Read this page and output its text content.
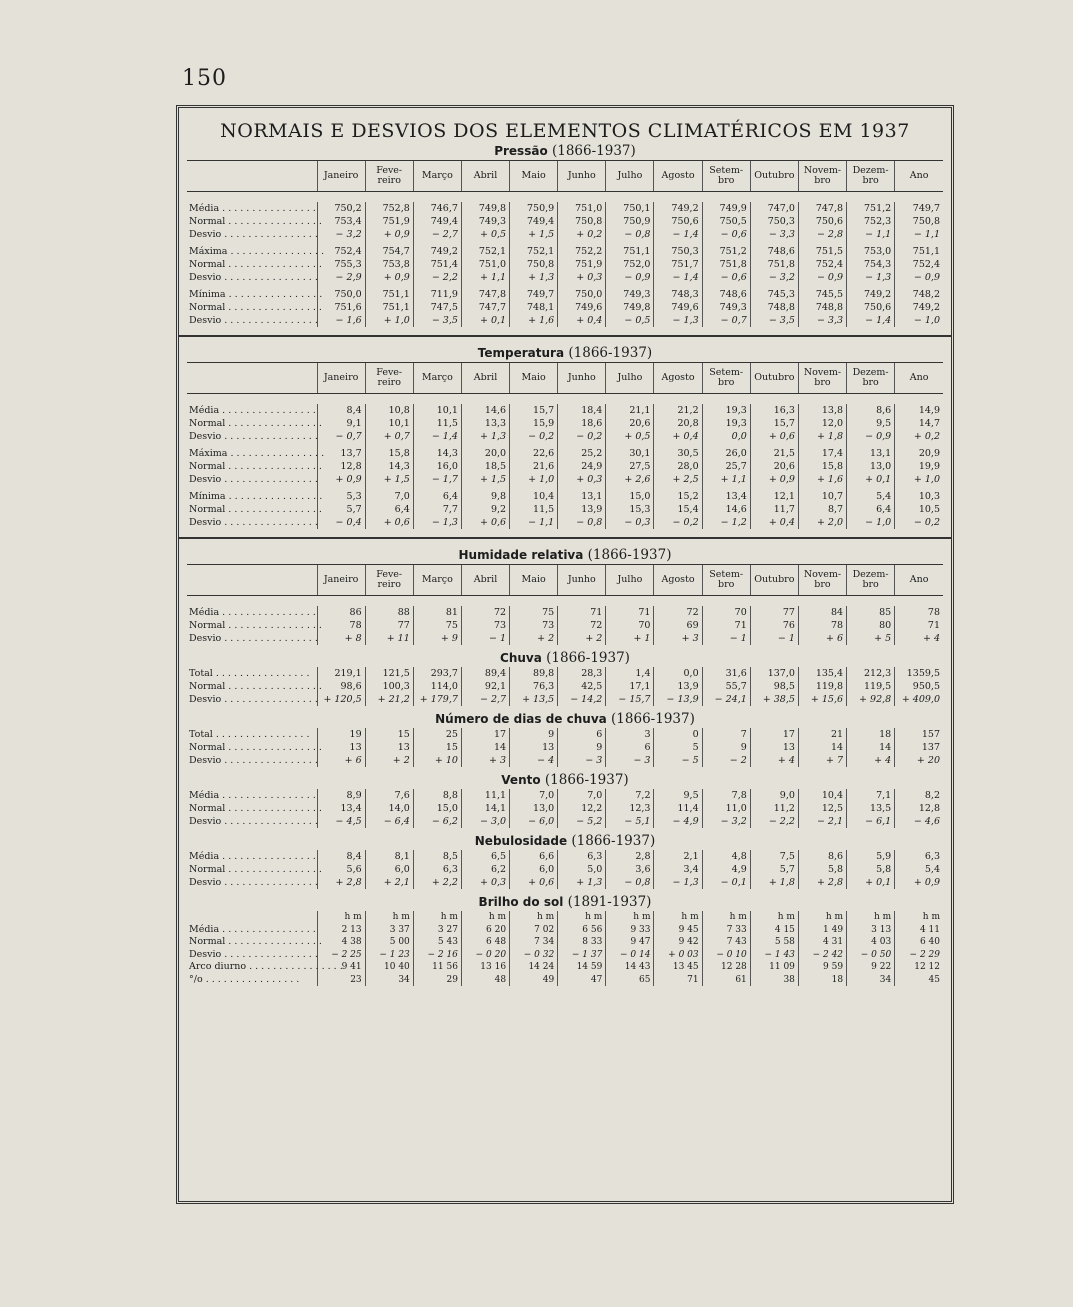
150
NORMAIS E DESVIOS DOS ELEMENTOS CLIMATÉRICOS EM 1937
Pressão (1866-1937)
	Janeiro	Feve-
reiro	Março	Abril	Maio	Junho	Julho	Agosto	Setem-
bro	Outubro	Novem-
bro	Dezem-
bro	Ano

Média . . . . . . . . . . . . . . . .	750,2	752,8	746,7	749,8	750,9	751,0	750,1	749,2	749,9	747,0	747,8	751,2	749,7
Normal . . . . . . . . . . . . . . . .	753,4	751,9	749,4	749,3	749,4	750,8	750,9	750,6	750,5	750,3	750,6	752,3	750,8
Desvio . . . . . . . . . . . . . . . .	− 3,2	+ 0,9	− 2,7	+ 0,5	+ 1,5	+ 0,2	− 0,8	− 1,4	− 0,6	− 3,3	− 2,8	− 1,1	− 1,1

Máxima . . . . . . . . . . . . . . . .	752,4	754,7	749,2	752,1	752,1	752,2	751,1	750,3	751,2	748,6	751,5	753,0	751,1
Normal . . . . . . . . . . . . . . . .	755,3	753,8	751,4	751,0	750,8	751,9	752,0	751,7	751,8	751,8	752,4	754,3	752,4
Desvio . . . . . . . . . . . . . . . .	− 2,9	+ 0,9	− 2,2	+ 1,1	+ 1,3	+ 0,3	− 0,9	− 1,4	− 0,6	− 3,2	− 0,9	− 1,3	− 0,9

Mínima . . . . . . . . . . . . . . . .	750,0	751,1	711,9	747,8	749,7	750,0	749,3	748,3	748,6	745,3	745,5	749,2	748,2
Normal . . . . . . . . . . . . . . . .	751,6	751,1	747,5	747,7	748,1	749,6	749,8	749,6	749,3	748,8	748,8	750,6	749,2
Desvio . . . . . . . . . . . . . . . .	− 1,6	+ 1,0	− 3,5	+ 0,1	+ 1,6	+ 0,4	− 0,5	− 1,3	− 0,7	− 3,5	− 3,3	− 1,4	− 1,0
Temperatura (1866-1937)
	Janeiro	Feve-
reiro	Março	Abril	Maio	Junho	Julho	Agosto	Setem-
bro	Outubro	Novem-
bro	Dezem-
bro	Ano

Média . . . . . . . . . . . . . . . .	8,4	10,8	10,1	14,6	15,7	18,4	21,1	21,2	19,3	16,3	13,8	8,6	14,9
Normal . . . . . . . . . . . . . . . .	9,1	10,1	11,5	13,3	15,9	18,6	20,6	20,8	19,3	15,7	12,0	9,5	14,7
Desvio . . . . . . . . . . . . . . . .	− 0,7	+ 0,7	− 1,4	+ 1,3	− 0,2	− 0,2	+ 0,5	+ 0,4	0,0	+ 0,6	+ 1,8	− 0,9	+ 0,2

Máxima . . . . . . . . . . . . . . . .	13,7	15,8	14,3	20,0	22,6	25,2	30,1	30,5	26,0	21,5	17,4	13,1	20,9
Normal . . . . . . . . . . . . . . . .	12,8	14,3	16,0	18,5	21,6	24,9	27,5	28,0	25,7	20,6	15,8	13,0	19,9
Desvio . . . . . . . . . . . . . . . .	+ 0,9	+ 1,5	− 1,7	+ 1,5	+ 1,0	+ 0,3	+ 2,6	+ 2,5	+ 1,1	+ 0,9	+ 1,6	+ 0,1	+ 1,0

Mínima . . . . . . . . . . . . . . . .	5,3	7,0	6,4	9,8	10,4	13,1	15,0	15,2	13,4	12,1	10,7	5,4	10,3
Normal . . . . . . . . . . . . . . . .	5,7	6,4	7,7	9,2	11,5	13,9	15,3	15,4	14,6	11,7	8,7	6,4	10,5
Desvio . . . . . . . . . . . . . . . .	− 0,4	+ 0,6	− 1,3	+ 0,6	− 1,1	− 0,8	− 0,3	− 0,2	− 1,2	+ 0,4	+ 2,0	− 1,0	− 0,2
Humidade relativa (1866-1937)
	Janeiro	Feve-
reiro	Março	Abril	Maio	Junho	Julho	Agosto	Setem-
bro	Outubro	Novem-
bro	Dezem-
bro	Ano

Média . . . . . . . . . . . . . . . .	86	88	81	72	75	71	71	72	70	77	84	85	78
Normal . . . . . . . . . . . . . . . .	78	77	75	73	73	72	70	69	71	76	78	80	71
Desvio . . . . . . . . . . . . . . . .	+ 8	+ 11	+ 9	− 1	+ 2	+ 2	+ 1	+ 3	− 1	− 1	+ 6	+ 5	+ 4
Chuva (1866-1937)
Total . . . . . . . . . . . . . . . .	219,1	121,5	293,7	89,4	89,8	28,3	1,4	0,0	31,6	137,0	135,4	212,3	1359,5
Normal . . . . . . . . . . . . . . . .	98,6	100,3	114,0	92,1	76,3	42,5	17,1	13,9	55,7	98,5	119,8	119,5	950,5
Desvio . . . . . . . . . . . . . . . .	+ 120,5	+ 21,2	+ 179,7	− 2,7	+ 13,5	− 14,2	− 15,7	− 13,9	− 24,1	+ 38,5	+ 15,6	+ 92,8	+ 409,0
Número de dias de chuva (1866-1937)
Total . . . . . . . . . . . . . . . .	19	15	25	17	9	6	3	0	7	17	21	18	157
Normal . . . . . . . . . . . . . . . .	13	13	15	14	13	9	6	5	9	13	14	14	137
Desvio . . . . . . . . . . . . . . . .	+ 6	+ 2	+ 10	+ 3	− 4	− 3	− 3	− 5	− 2	+ 4	+ 7	+ 4	+ 20
Vento (1866-1937)
Média . . . . . . . . . . . . . . . .	8,9	7,6	8,8	11,1	7,0	7,0	7,2	9,5	7,8	9,0	10,4	7,1	8,2
Normal . . . . . . . . . . . . . . . .	13,4	14,0	15,0	14,1	13,0	12,2	12,3	11,4	11,0	11,2	12,5	13,5	12,8
Desvio . . . . . . . . . . . . . . . .	− 4,5	− 6,4	− 6,2	− 3,0	− 6,0	− 5,2	− 5,1	− 4,9	− 3,2	− 2,2	− 2,1	− 6,1	− 4,6
Nebulosidade (1866-1937)
Média . . . . . . . . . . . . . . . .	8,4	8,1	8,5	6,5	6,6	6,3	2,8	2,1	4,8	7,5	8,6	5,9	6,3
Normal . . . . . . . . . . . . . . . .	5,6	6,0	6,3	6,2	6,0	5,0	3,6	3,4	4,9	5,7	5,8	5,8	5,4
Desvio . . . . . . . . . . . . . . . .	+ 2,8	+ 2,1	+ 2,2	+ 0,3	+ 0,6	+ 1,3	− 0,8	− 1,3	− 0,1	+ 1,8	+ 2,8	+ 0,1	+ 0,9
Brilho do sol (1891-1937)
	h m	h m	h m	h m	h m	h m	h m	h m	h m	h m	h m	h m	h m
Média . . . . . . . . . . . . . . . .	2 13	3 37	3 27	6 20	7 02	6 56	9 33	9 45	7 33	4 15	1 49	3 13	4 11
Normal . . . . . . . . . . . . . . . .	4 38	5 00	5 43	6 48	7 34	8 33	9 47	9 42	7 43	5 58	4 31	4 03	6 40
Desvio . . . . . . . . . . . . . . . .	− 2 25	− 1 23	− 2 16	− 0 20	− 0 32	− 1 37	− 0 14	+ 0 03	− 0 10	− 1 43	− 2 42	− 0 50	− 2 29
Arco diurno . . . . . . . . . . . . . . . .	9 41	10 40	11 56	13 16	14 24	14 59	14 43	13 45	12 28	11 09	9 59	9 22	12 12
°/o . . . . . . . . . . . . . . . .	23	34	29	48	49	47	65	71	61	38	18	34	45
